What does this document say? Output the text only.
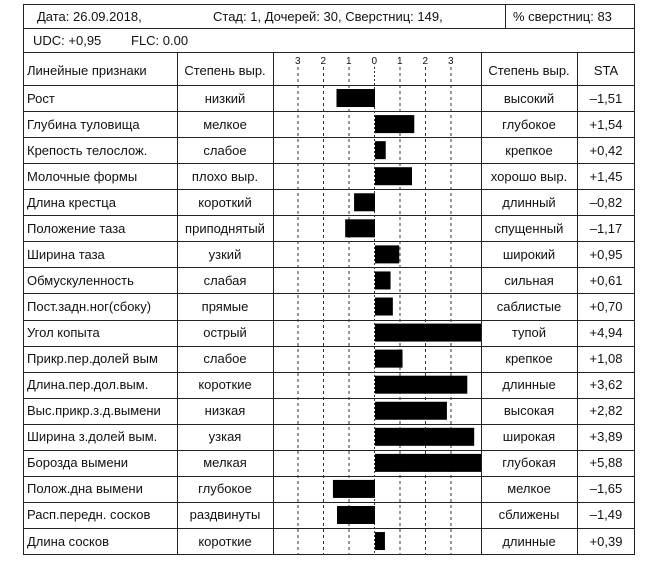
Дата: 26.09.2018,	Стад: 1, Дочерей: 30, Сверстниц: 149,	% сверстниц: 83
UDC: +0,95 FLC: 0.00
Линейные признаки	Степень выр.	Степень выр.	STA
Рост	низкий	высокий	–1,51
Глубина туловища	мелкое	глубокое	+1,54
Крепость телослож.	слабое	крепкое	+0,42
Молочные формы	плохо выр.	хорошо выр.	+1,45
Длина крестца	короткий	длинный	–0,82
Положение таза	приподнятый	спущенный	–1,17
Ширина таза	узкий	широкий	+0,95
Обмускуленность	слабая	сильная	+0,61
Пост.задн.ног(сбоку)	прямые	саблистые	+0,70
Угол копыта	острый	тупой	+4,94
Прикр.пер.долей вым	слабое	крепкое	+1,08
Длина.пер.дол.вым.	короткие	длинные	+3,62
Выс.прикр.з.д.вымени	низкая	высокая	+2,82
Ширина з.долей вым.	узкая	широкая	+3,89
Борозда вымени	мелкая	глубокая	+5,88
Полож.дна вымени	глубокое	мелкое	–1,65
Расп.передн. сосков	раздвинуты	сближены	–1,49
Длина сосков	короткие	длинные	+0,39
3 2 1 0 1 2 3
